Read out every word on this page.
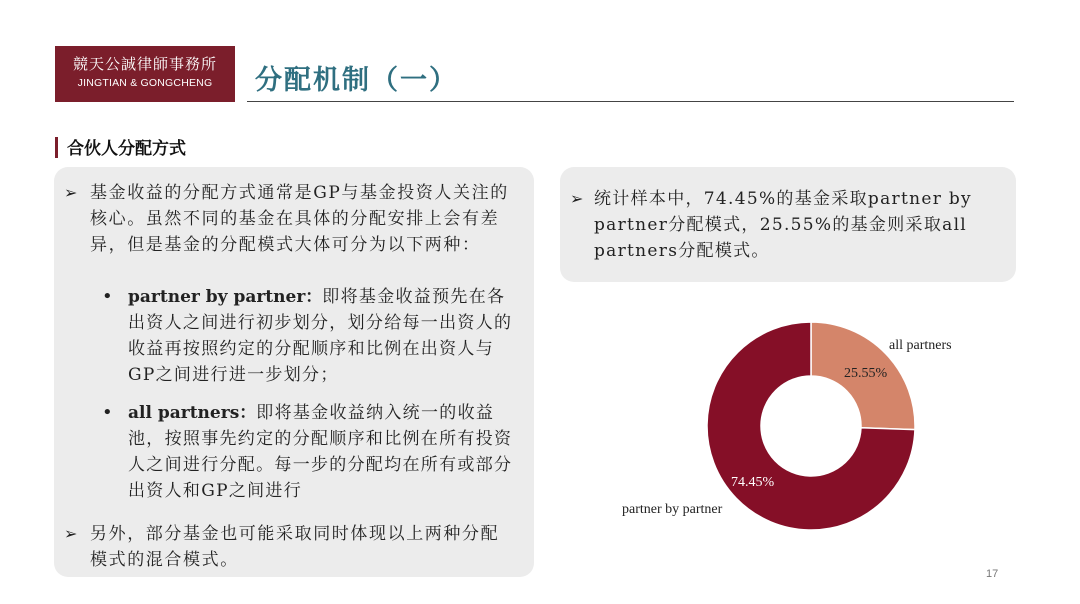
競天公誠律師事務所
JINGTIAN & GONGCHENG	分配机制（一）
合伙人分配方式
➢ 基金收益的分配方式通常是GP与基金投资人关注的核心。虽然不同的基金在具体的分配安排上会有差异，但是基金的分配模式大体可分为以下两种：

• partner by partner：即将基金收益预先在各出资人之间进行初步划分，划分给每一出资人的收益再按照约定的分配顺序和比例在出资人与GP之间进行进一步划分；

• all partners：即将基金收益纳入统一的收益池，按照事先约定的分配顺序和比例在所有投资人之间进行分配。每一步的分配均在所有或部分出资人和GP之间进行

➢ 另外，部分基金也可能采取同时体现以上两种分配模式的混合模式。

➢ 统计样本中，74.45%的基金采取partner by partner分配模式，25.55%的基金则采取all partners分配模式。

all partners
partner by partner
25.55%
74.45%
17
